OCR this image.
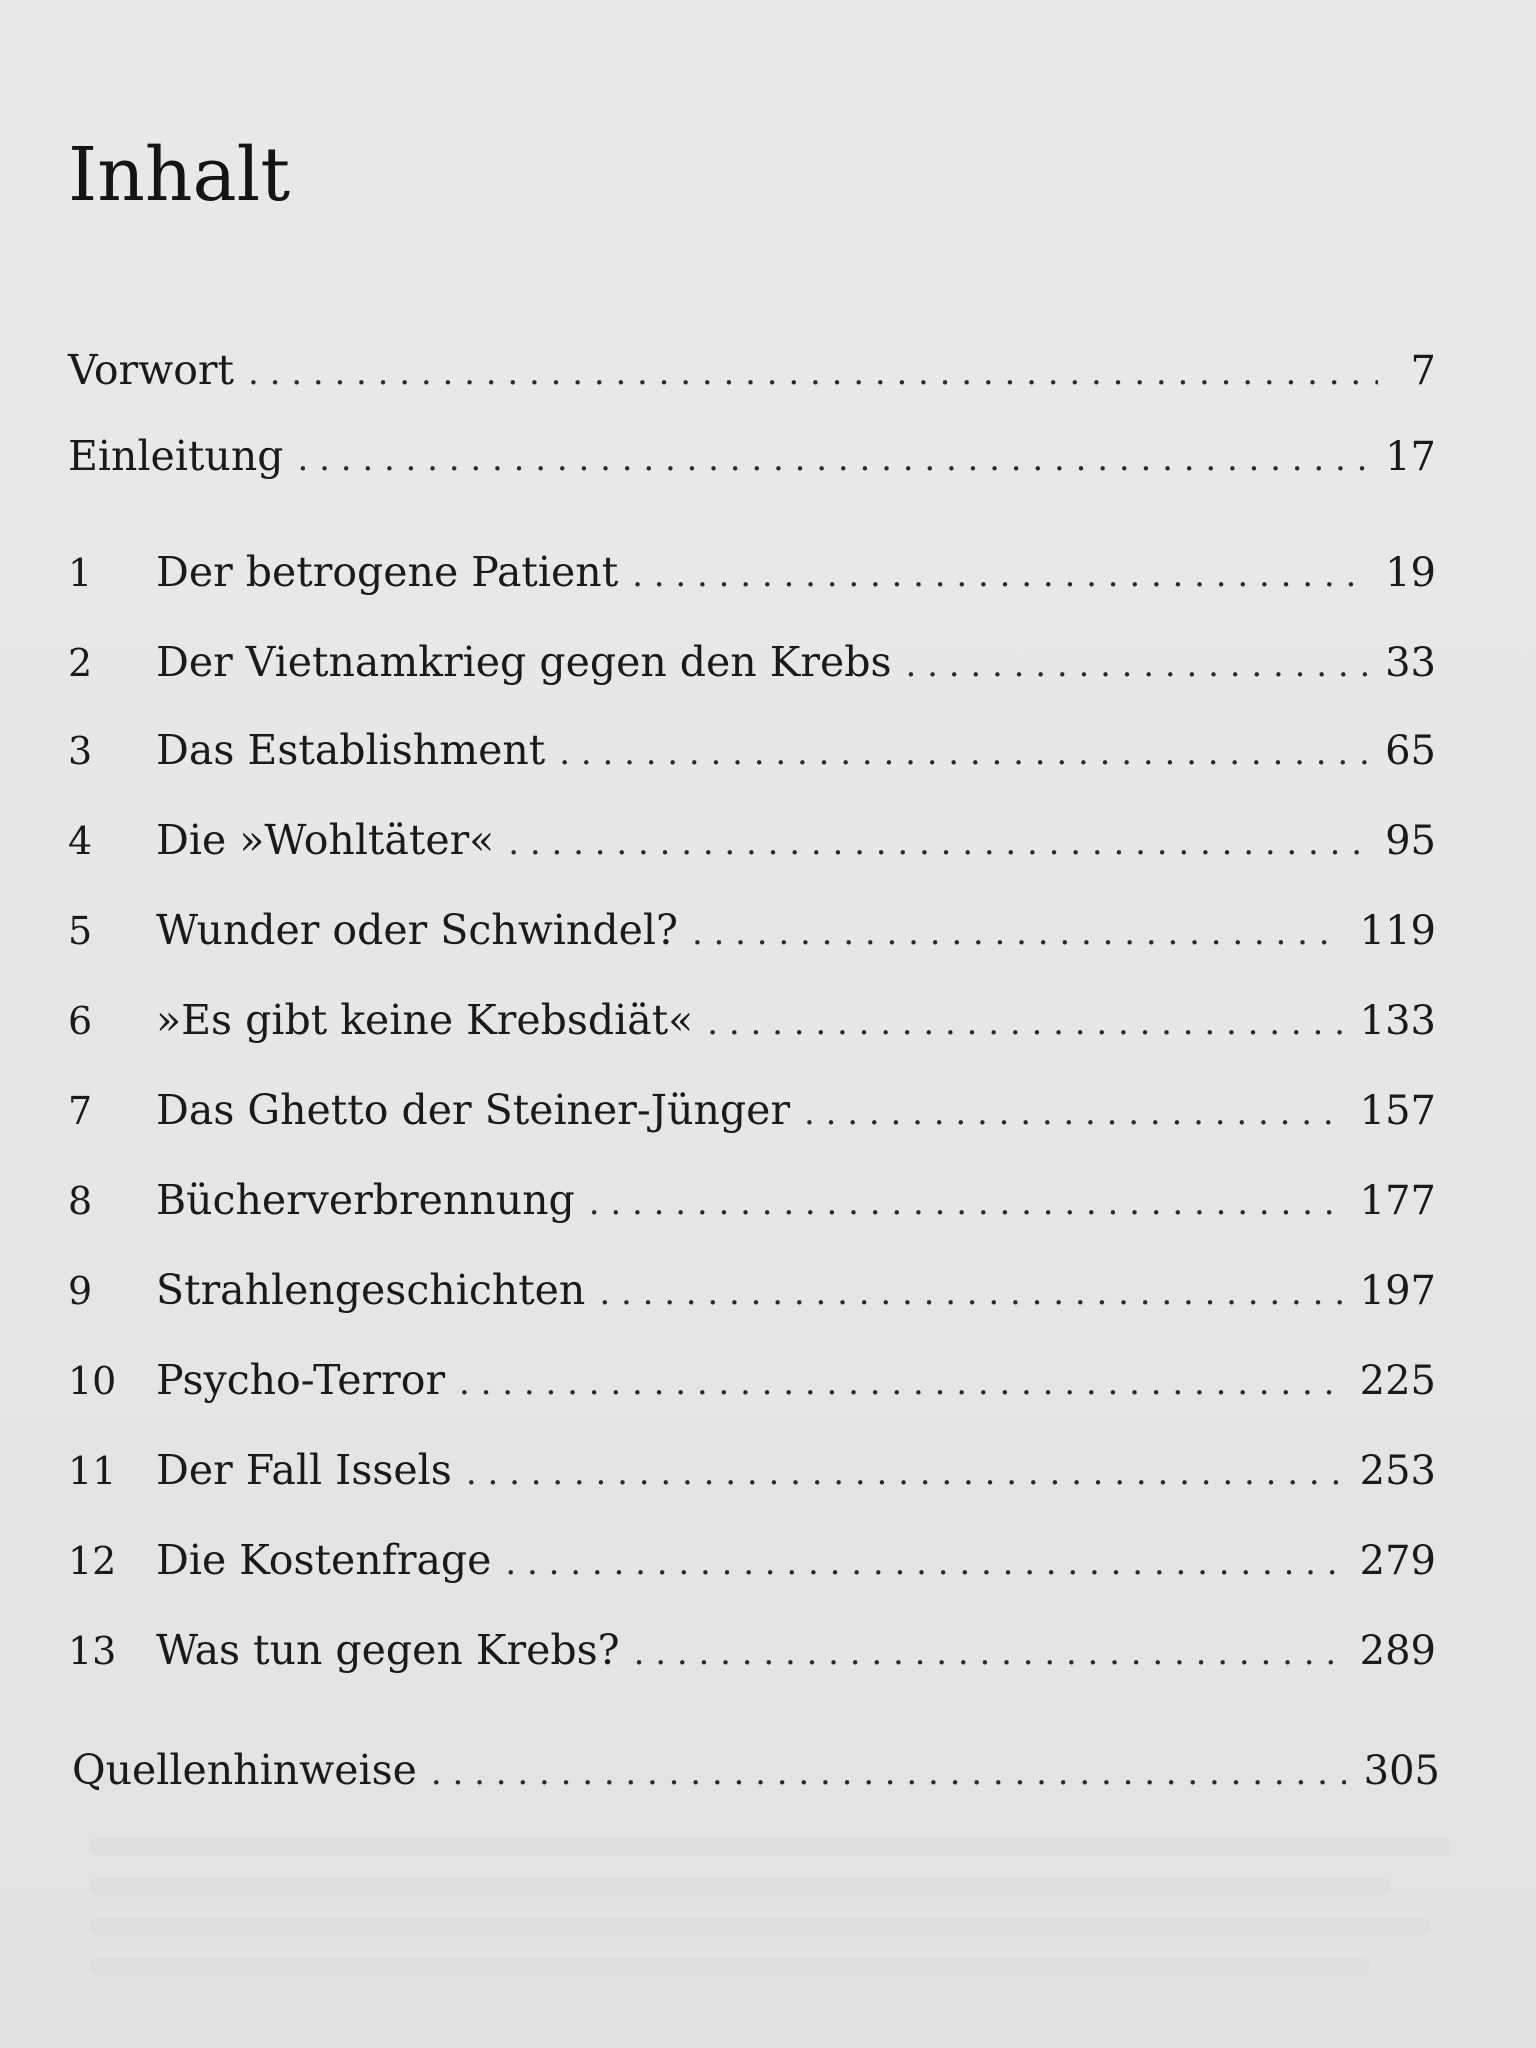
Inhalt
Vorwort . . .	7
Einleitung . . .	17
1	Der betrogene Patient . . .	19
2	Der Vietnamkrieg gegen den Krebs . . .	33
3	Das Establishment . . .	65
4	Die »Wohltäter« . . .	95
5	Wunder oder Schwindel? . . .	119
6	»Es gibt keine Krebsdiät« . . .	133
7	Das Ghetto der Steiner-Jünger . . .	157
8	Bücherverbrennung . . .	177
9	Strahlengeschichten . . .	197
10 Psycho-Terror . . .	225
11 Der Fall Issels . . .	253
12 Die Kostenfrage . . .	279
13 Was tun gegen Krebs? . . .	289
Quellenhinweise . . .	305
